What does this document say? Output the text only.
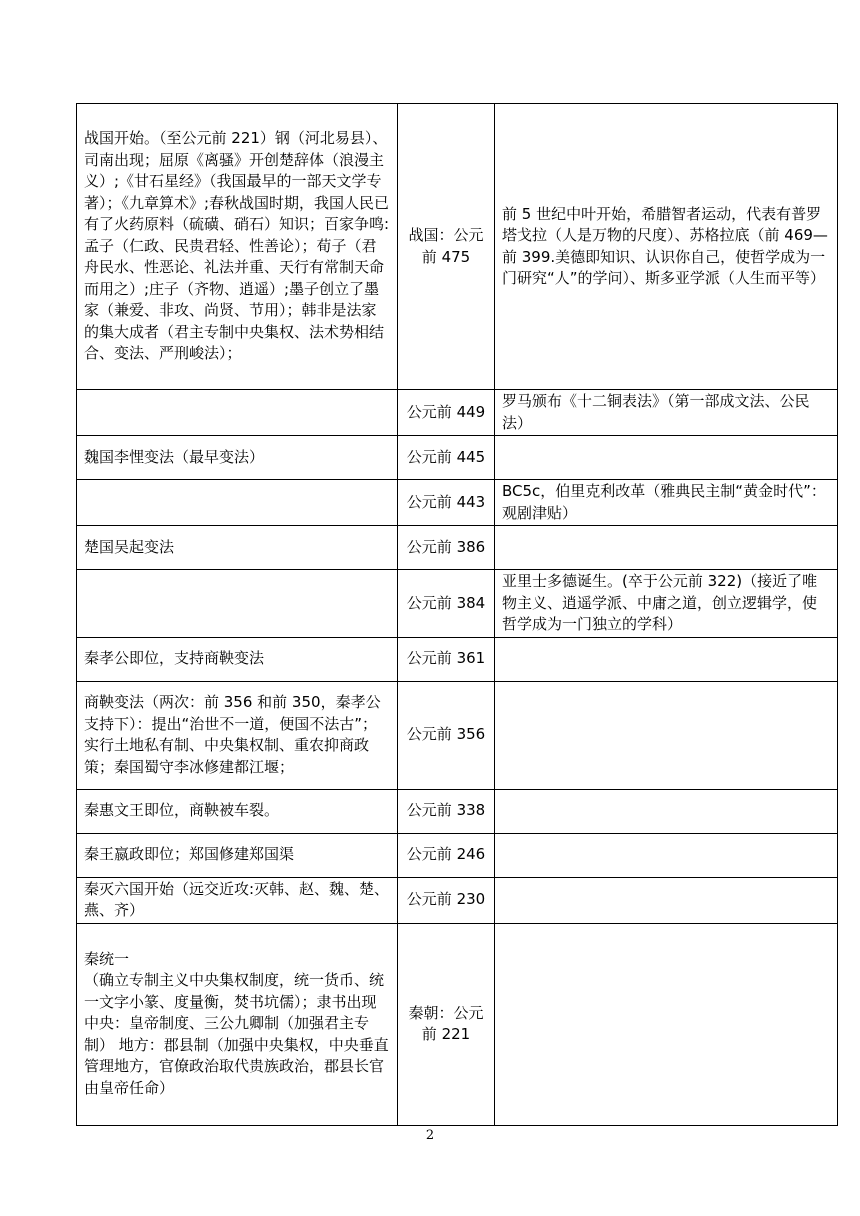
战国开始。（至公元前 221）钢（河北易县）、司南出现；屈原《离骚》开创楚辞体（浪漫主义）;《甘石星经》（我国最早的一部天文学专著）；《九章算术》;春秋战国时期，我国人民已有了火药原料（硫磺、硝石）知识；百家争鸣:孟子（仁政、民贵君轻、性善论）；荀子（君舟民水、性恶论、礼法并重、天行有常制天命而用之）;庄子（齐物、逍遥）;墨子创立了墨家（兼爱、非攻、尚贤、节用）；韩非是法家的集大成者（君主专制中央集权、法术势相结合、变法、严刑峻法）；	战国：公元前 475	前 5 世纪中叶开始，希腊智者运动，代表有普罗塔戈拉（人是万物的尺度）、苏格拉底（前 469—前 399.美德即知识、认识你自己，使哲学成为一门研究“人”的学问）、斯多亚学派（人生而平等）
	公元前 449	罗马颁布《十二铜表法》（第一部成文法、公民法）
魏国李悝变法（最早变法）	公元前 445	
	公元前 443	BC5c，伯里克利改革（雅典民主制“黄金时代”：观剧津贴）
楚国吴起变法	公元前 386	
	公元前 384	亚里士多德诞生。(卒于公元前 322)（接近了唯物主义、逍遥学派、中庸之道，创立逻辑学，使哲学成为一门独立的学科）
秦孝公即位，支持商鞅变法	公元前 361	
商鞅变法（两次：前 356 和前 350，秦孝公支持下）：提出“治世不一道，便国不法古”；实行土地私有制、中央集权制、重农抑商政策；秦国蜀守李冰修建都江堰；	公元前 356	
秦惠文王即位，商鞅被车裂。	公元前 338	
秦王嬴政即位；郑国修建郑国渠	公元前 246	
秦灭六国开始（远交近攻:灭韩、赵、魏、楚、燕、齐）	公元前 230	
秦统一
（确立专制主义中央集权制度，统一货币、统一文字小篆、度量衡，焚书坑儒）；隶书出现
中央：皇帝制度、三公九卿制（加强君主专制） 地方：郡县制（加强中央集权，中央垂直管理地方，官僚政治取代贵族政治，郡县长官由皇帝任命）	秦朝：公元前 221	
2
